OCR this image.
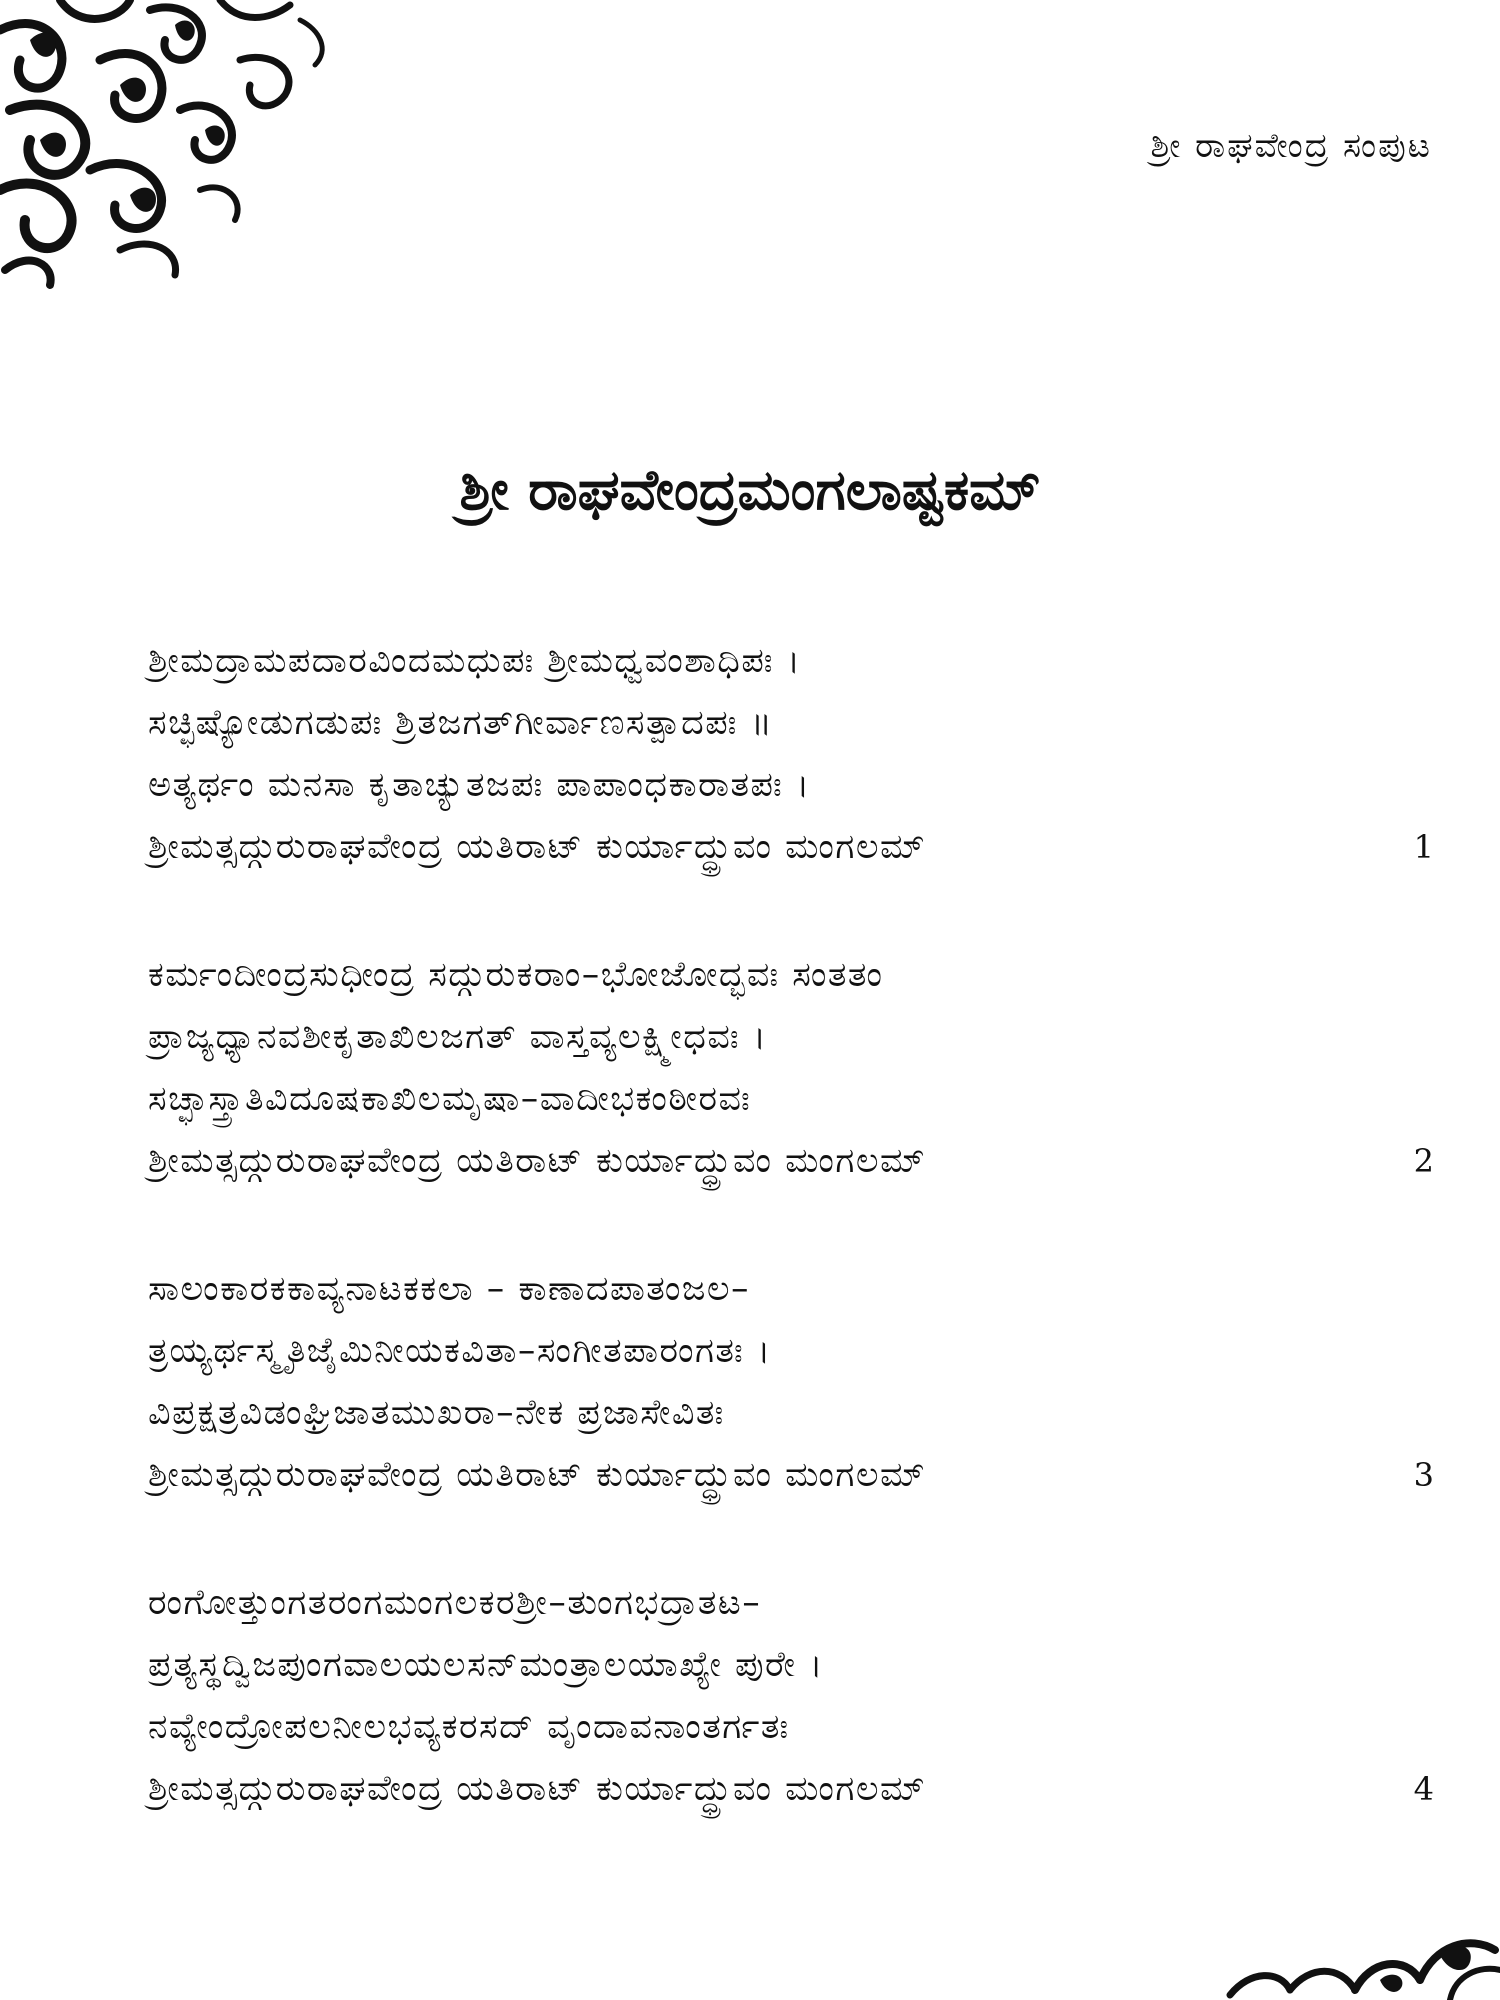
ಶ್ರೀ ರಾಘವೇಂದ್ರ ಸಂಪುಟ
ಶ್ರೀ ರಾಘವೇಂದ್ರಮಂಗಲಾಷ್ಟಕಮ್
ಶ್ರೀಮದ್ರಾಮಪದಾರವಿಂದಮಧುಪಃ ಶ್ರೀಮಧ್ವವಂಶಾಧಿಪಃ ।
ಸಚ್ಛಿಷ್ಯೋಡುಗಡುಪಃ ಶ್ರಿತಜಗತ್‌ಗೀರ್ವಾಣಸತ್ಪಾದಪಃ ॥
ಅತ್ಯರ್ಥಂ ಮನಸಾ ಕೃತಾಚ್ಯುತಜಪಃ ಪಾಪಾಂಧಕಾರಾತಪಃ ।
ಶ್ರೀಮತ್ಸದ್ಗುರುರಾಘವೇಂದ್ರ ಯತಿರಾಟ್ ಕುರ್ಯಾದ್ಧ್ರುವಂ ಮಂಗಲಮ್	1
ಕರ್ಮಂದೀಂದ್ರಸುಧೀಂದ್ರ ಸದ್ಗುರುಕರಾಂ–ಭೋಜೋದ್ಭವಃ ಸಂತತಂ
ಪ್ರಾಜ್ಯಧ್ಯಾನವಶೀಕೃತಾಖಿಲಜಗತ್ ವಾಸ್ತವ್ಯಲಕ್ಷ್ಮೀಧವಃ ।
ಸಚ್ಛಾಸ್ತ್ರಾತಿವಿದೂಷಕಾಖಿಲಮೃಷಾ–ವಾದೀಭಕಂಠೀರವಃ
ಶ್ರೀಮತ್ಸದ್ಗುರುರಾಘವೇಂದ್ರ ಯತಿರಾಟ್ ಕುರ್ಯಾದ್ಧ್ರುವಂ ಮಂಗಲಮ್	2
ಸಾಲಂಕಾರಕಕಾವ್ಯನಾಟಕಕಲಾ – ಕಾಣಾದಪಾತಂಜಲ–
ತ್ರಯ್ಯರ್ಥಸ್ಮೃತಿಜೈಮಿನೀಯಕವಿತಾ–ಸಂಗೀತಪಾರಂಗತಃ ।
ವಿಪ್ರಕ್ಷತ್ರವಿಡಂಘ್ರಿಜಾತಮುಖರಾ–ನೇಕ ಪ್ರಜಾಸೇವಿತಃ
ಶ್ರೀಮತ್ಸದ್ಗುರುರಾಘವೇಂದ್ರ ಯತಿರಾಟ್ ಕುರ್ಯಾದ್ಧ್ರುವಂ ಮಂಗಲಮ್	3
ರಂಗೋತ್ತುಂಗತರಂಗಮಂಗಲಕರಶ್ರೀ–ತುಂಗಭದ್ರಾತಟ–
ಪ್ರತ್ಯಸ್ಥದ್ವಿಜಪುಂಗವಾಲಯಲಸನ್‌ಮಂತ್ರಾಲಯಾಖ್ಯೇ ಪುರೇ ।
ನವ್ಯೇಂದ್ರೋಪಲನೀಲಭವ್ಯಕರಸದ್ ವೃಂದಾವನಾಂತರ್ಗತಃ
ಶ್ರೀಮತ್ಸದ್ಗುರುರಾಘವೇಂದ್ರ ಯತಿರಾಟ್ ಕುರ್ಯಾದ್ಧ್ರುವಂ ಮಂಗಲಮ್	4
